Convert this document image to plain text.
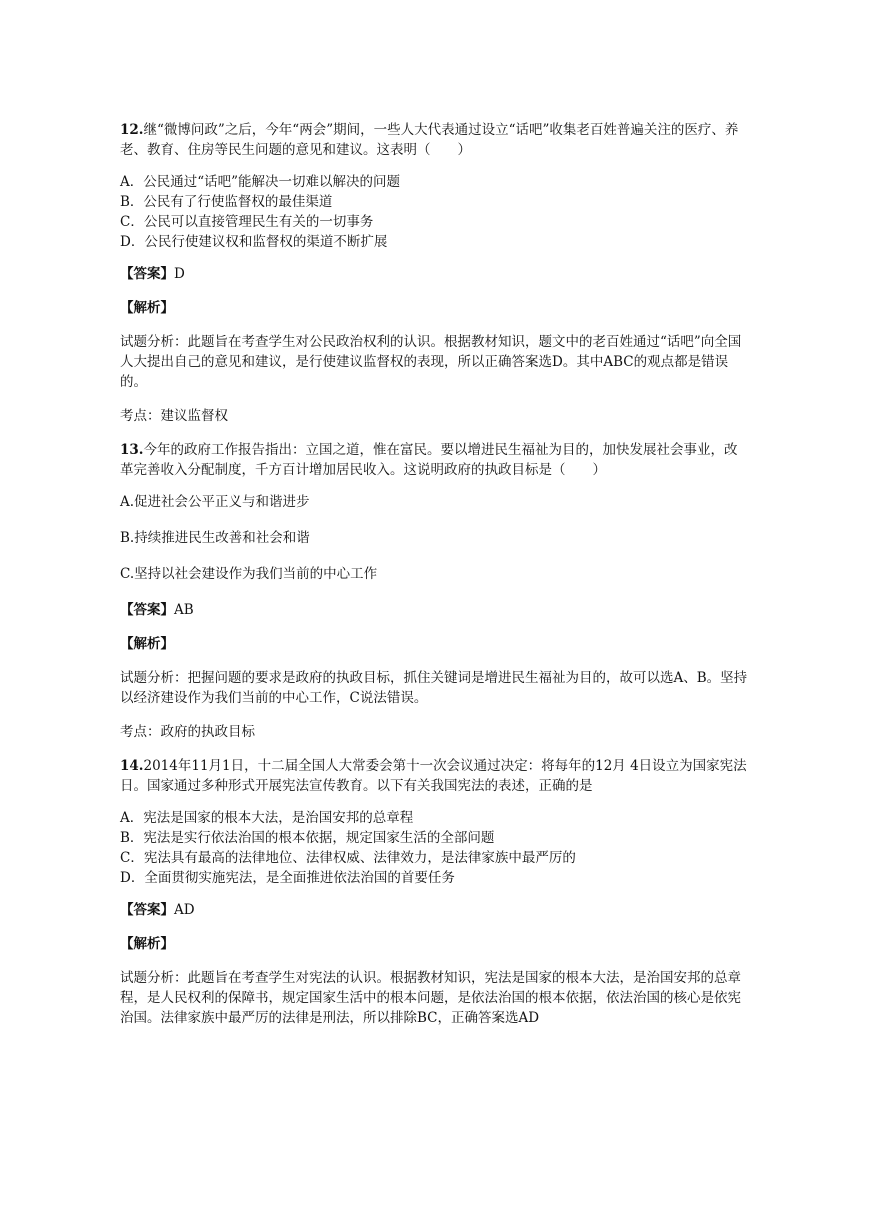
12.继“微博问政”之后，今年“两会”期间，一些人大代表通过设立“话吧”收集老百姓普遍关注的医疗、养老、教育、住房等民生问题的意见和建议。这表明（　　）

A．公民通过“话吧”能解决一切难以解决的问题

B．公民有了行使监督权的最佳渠道

C．公民可以直接管理民生有关的一切事务

D．公民行使建议权和监督权的渠道不断扩展

【答案】D

【解析】

试题分析：此题旨在考查学生对公民政治权利的认识。根据教材知识，题文中的老百姓通过“话吧”向全国人大提出自己的意见和建议，是行使建议监督权的表现，所以正确答案选D。其中ABC的观点都是错误的。

考点：建议监督权

13.今年的政府工作报告指出：立国之道，惟在富民。要以增进民生福祉为目的，加快发展社会事业，改革完善收入分配制度，千方百计增加居民收入。这说明政府的执政目标是（　　）

A.促进社会公平正义与和谐进步

B.持续推进民生改善和社会和谐

C.坚持以社会建设作为我们当前的中心工作

【答案】AB

【解析】

试题分析：把握问题的要求是政府的执政目标，抓住关键词是增进民生福祉为目的，故可以选A、B。坚持以经济建设作为我们当前的中心工作，C说法错误。

考点：政府的执政目标

14.2014年11月1日，十二届全国人大常委会第十一次会议通过决定：将每年的12月 4日设立为国家宪法日。国家通过多种形式开展宪法宣传教育。以下有关我国宪法的表述，正确的是

A．宪法是国家的根本大法，是治国安邦的总章程

B．宪法是实行依法治国的根本依据，规定国家生活的全部问题

C．宪法具有最高的法律地位、法律权威、法律效力，是法律家族中最严厉的

D．全面贯彻实施宪法，是全面推进依法治国的首要任务

【答案】AD

【解析】

试题分析：此题旨在考查学生对宪法的认识。根据教材知识，宪法是国家的根本大法，是治国安邦的总章程，是人民权利的保障书，规定国家生活中的根本问题，是依法治国的根本依据，依法治国的核心是依宪治国。法律家族中最严厉的法律是刑法，所以排除BC，正确答案选AD
